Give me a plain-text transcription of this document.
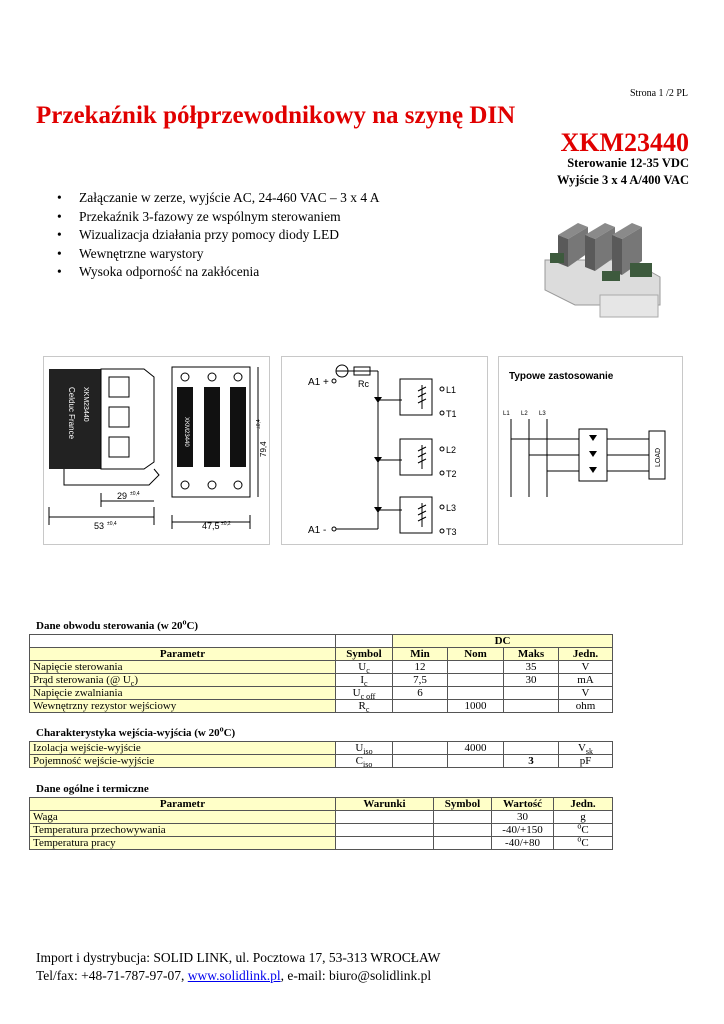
Strona 1 /2 PL
Przekaźnik półprzewodnikowy na szynę DIN
XKM23440
Sterowanie 12-35 VDC
Wyjście 3 x 4 A/400 VAC
• Załączanie w zerze, wyjście AC, 24-460 VAC – 3 x 4 A
• Przekaźnik 3-fazowy ze wspólnym sterowaniem
• Wizualizacja działania przy pomocy diody LED
• Wewnętrzne warystory
• Wysoka odporność na zakłócenia
Celduc France XKM23440
29 ±0,4
53 ±0,4
XKM23440
47,5 ±0,2
79,4
±0,4
A1 +
A1 -
Rc
L1
T1
L2
T2
L3
T3
Typowe zastosowanie
L1 L2 L3
LOAD
Dane obwodu sterowania (w 20$^o$C)
		DC			
Parametr	Symbol	Min	Nom	Maks	Jedn.
Napięcie sterowania	$U_c$	12		35	V
Prąd sterowania (@ $U_c$)	$I_c$	7,5		30	mA
Napięcie zwalniania	$U_{c off}$	6			V
Wewnętrzny rezystor wejściowy	$R_c$		1000		ohm
Charakterystyka wejścia-wyjścia (w 20$^o$C)
Izolacja wejście-wyjście	$U_{iso}$		4000		$V_{sk}$
Pojemność wejście-wyjście	$C_{iso}$			3	pF
Dane ogólne i termiczne
Parametr	Warunki	Symbol	Wartość	Jedn.
Waga			30	g
Temperatura przechowywania			-40/+150	$^o$C
Temperatura pracy			-40/+80	$^o$C
Import i dystrybucja: SOLID LINK, ul. Pocztowa 17, 53-313 WROCŁAW
Tel/fax: +48-71-787-97-07, www.solidlink.pl, e-mail: biuro@solidlink.pl
